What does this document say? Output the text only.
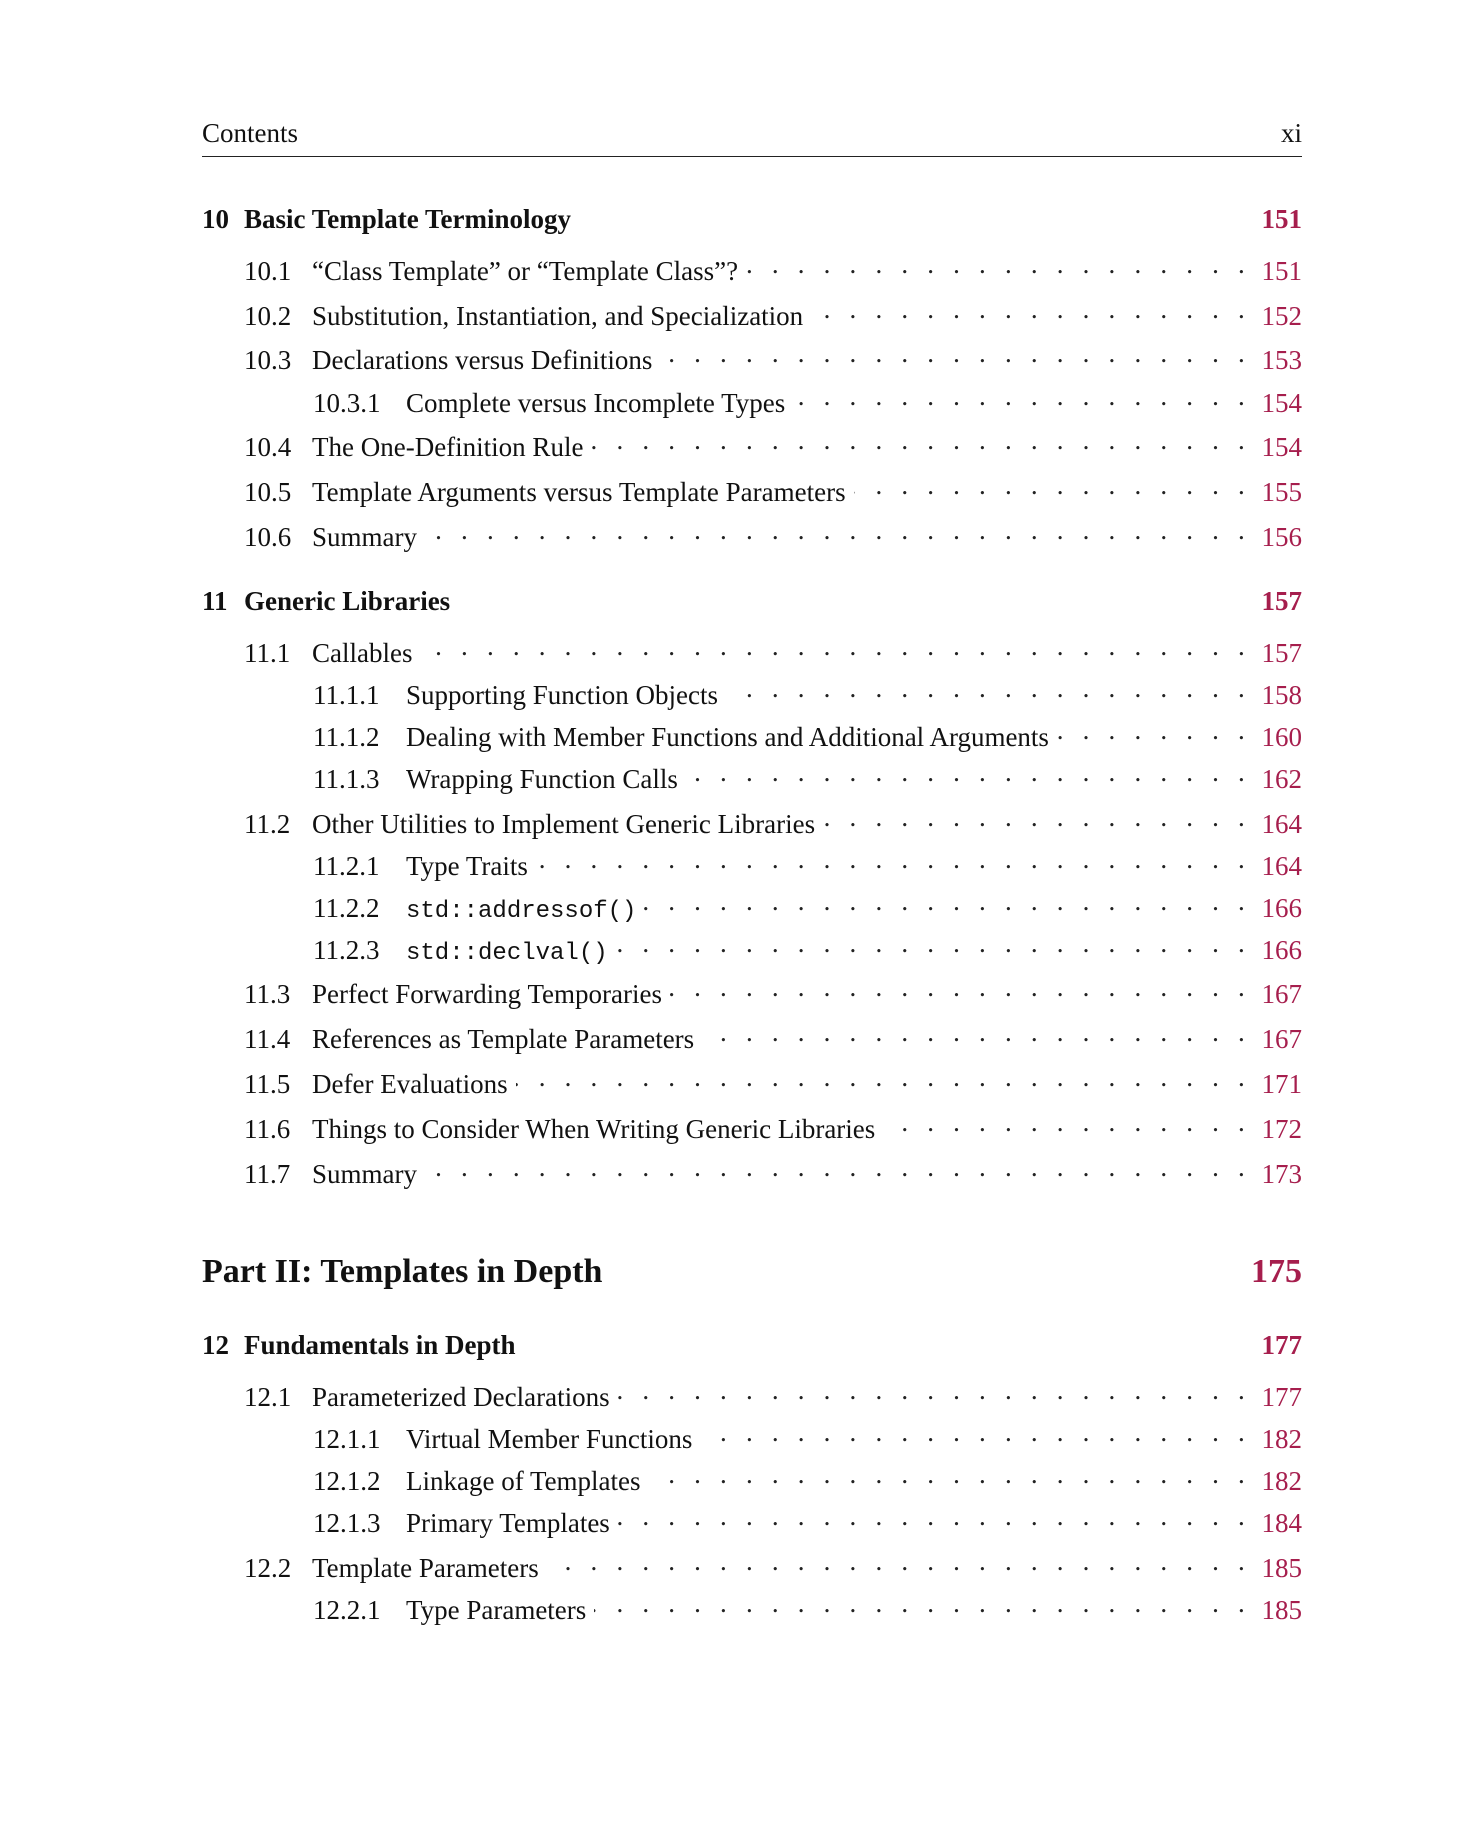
Contents	xi
10 Basic Template Terminology	151
10.1 “Class Template” or “Template Class”? . . .	151
10.2 Substitution, Instantiation, and Specialization . . .	152
10.3 Declarations versus Definitions . . .	153
10.3.1 Complete versus Incomplete Types . . .	154
10.4 The One-Definition Rule . . .	154
10.5 Template Arguments versus Template Parameters . . .	155
10.6 Summary . . .	156
11 Generic Libraries	157
11.1 Callables . . .	157
11.1.1 Supporting Function Objects . . .	158
11.1.2 Dealing with Member Functions and Additional Arguments . . .	160
11.1.3 Wrapping Function Calls . . .	162
11.2 Other Utilities to Implement Generic Libraries . . .	164
11.2.1 Type Traits . . .	164
11.2.2	std::addressof() . . .	166
11.2.3	std::declval() . . .	166
11.3 Perfect Forwarding Temporaries . . .	167
11.4 References as Template Parameters . . .	167
11.5 Defer Evaluations . . .	171
11.6 Things to Consider When Writing Generic Libraries . . .	172
11.7 Summary . . .	173
Part II: Templates in Depth	175
12 Fundamentals in Depth	177
12.1 Parameterized Declarations . . .	177
12.1.1 Virtual Member Functions . . .	182
12.1.2 Linkage of Templates . . .	182
12.1.3 Primary Templates . . .	184
12.2 Template Parameters . . .	185
12.2.1 Type Parameters . . .	185
